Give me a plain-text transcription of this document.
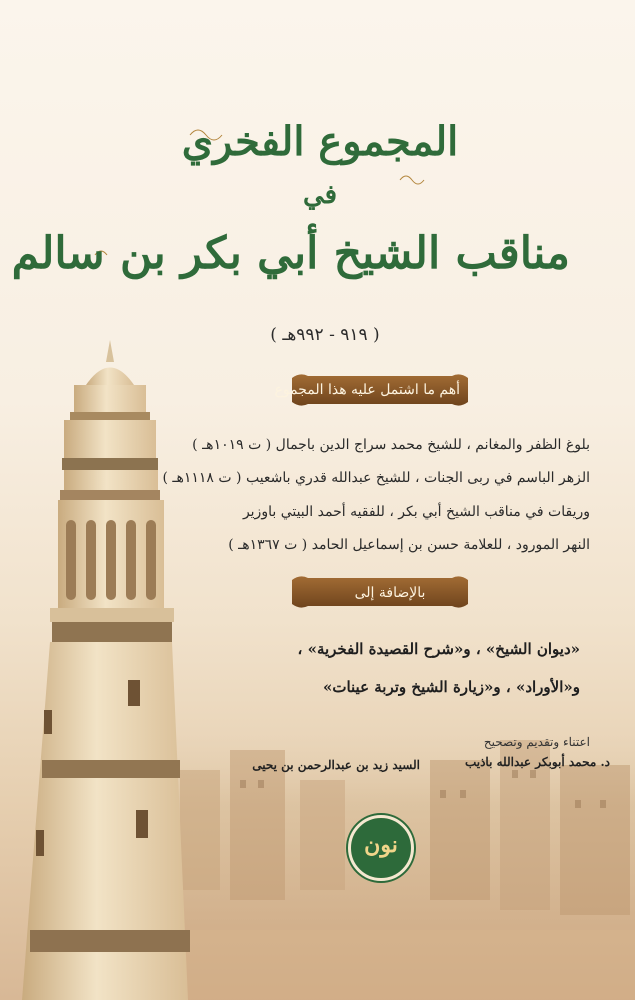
المجموع الفخري
في
مناقب الشيخ أبي بكر بن سالم
( ٩١٩ - ٩٩٢هـ )
أهم ما اشتمل عليه هذا المجموع
بلوغ الظفر والمغانم ، للشيخ محمد سراج الدين باجمال ( ت ١٠١٩هـ )
الزهر الباسم في ربى الجنات ، للشيخ عبدالله قدري باشعيب ( ت ١١١٨هـ )
وريقات في مناقب الشيخ أبي بكر ، للفقيه أحمد البيتي باوزير
النهر المورود ، للعلامة حسن بن إسماعيل الحامد ( ت ١٣٦٧هـ )
بالإضافة إلى
«ديوان الشيخ» ، و«شرح القصيدة الفخرية» ،
و«الأوراد» ، و«زيارة الشيخ وتربة عينات»
اعتناء وتقديم وتصحيح
د. محمد أبوبكر عبدالله باذيب
السيد زيد بن عبدالرحمن بن يحيى
نون
